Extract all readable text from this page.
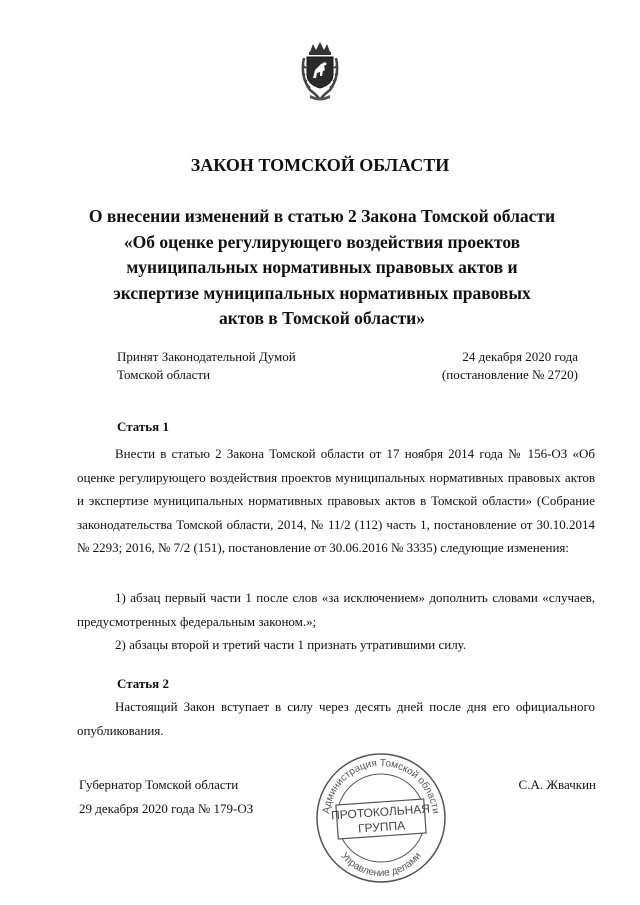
ЗАКОН ТОМСКОЙ ОБЛАСТИ
О внесении изменений в статью 2 Закона Томской области
«Об оценке регулирующего воздействия проектов
муниципальных нормативных правовых актов и
экспертизе муниципальных нормативных правовых
актов в Томской области»
Принят Законодательной Думой
Томской области
24 декабря 2020 года
(постановление № 2720)
Статья 1

Внести в статью 2 Закона Томской области от 17 ноября 2014 года № 156-ОЗ «Об оценке регулирующего воздействия проектов муниципальных нормативных правовых актов и экспертизе муниципальных нормативных правовых актов в Томской области» (Собрание законодательства Томской области, 2014, № 11/2 (112) часть 1, постановление от 30.10.2014 № 2293; 2016, № 7/2 (151), постановление от 30.06.2016 № 3335) следующие изменения:

1) абзац первый части 1 после слов «за исключением» дополнить словами «случаев, предусмотренных федеральным законом.»;

2) абзацы второй и третий части 1 признать утратившими силу.

Статья 2

Настоящий Закон вступает в силу через десять дней после дня его официального опубликования.

Губернатор Томской области
29 декабря 2020 года № 179-ОЗ
С.А. Жвачкин
Администрация Томской области
Управление делами
ПРОТОКОЛЬНАЯ
ГРУППА
